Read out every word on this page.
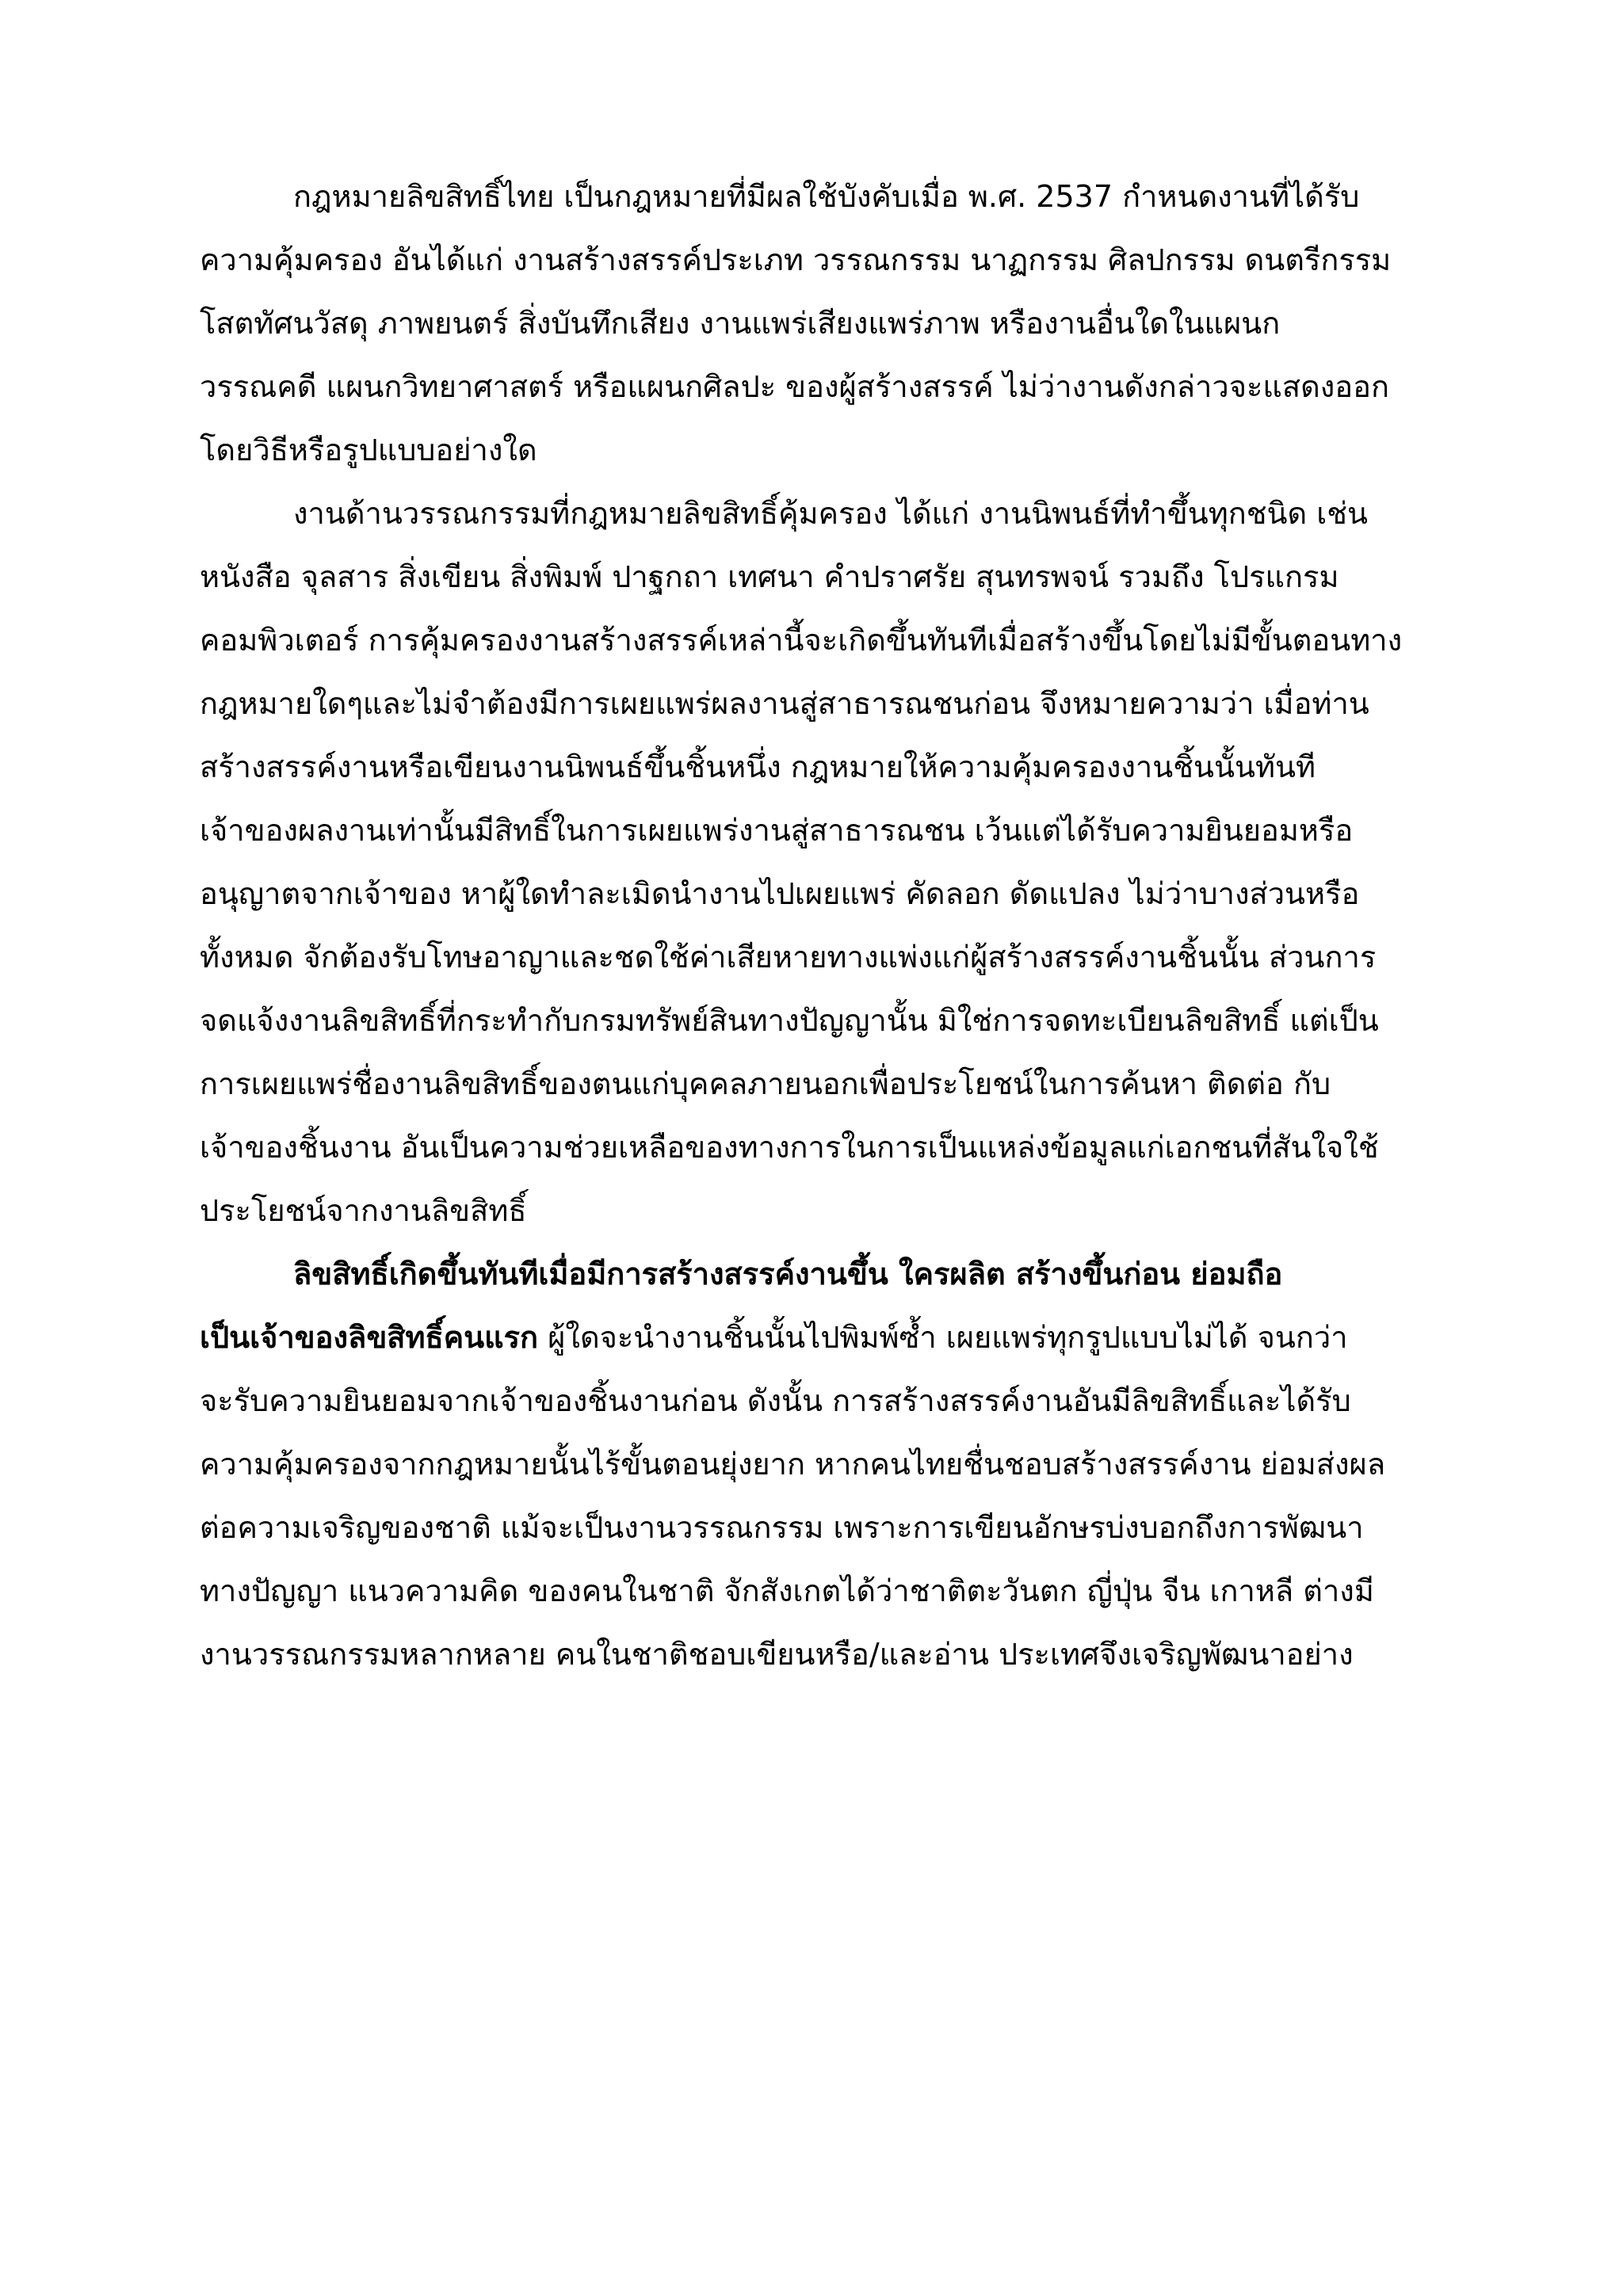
กฎหมายลิขสิทธิ์ไทย เป็นกฎหมายที่มีผลใช้บังคับเมื่อ พ.ศ. 2537 กำหนดงานที่ได้รับ
ความคุ้มครอง อันได้แก่ งานสร้างสรรค์ประเภท วรรณกรรม นาฏกรรม ศิลปกรรม ดนตรีกรรม
โสตทัศนวัสดุ ภาพยนตร์ สิ่งบันทึกเสียง งานแพร่เสียงแพร่ภาพ หรืองานอื่นใดในแผนก
วรรณคดี แผนกวิทยาศาสตร์ หรือแผนกศิลปะ ของผู้สร้างสรรค์ ไม่ว่างานดังกล่าวจะแสดงออก
โดยวิธีหรือรูปแบบอย่างใด
งานด้านวรรณกรรมที่กฎหมายลิขสิทธิ์คุ้มครอง ได้แก่ งานนิพนธ์ที่ทำขึ้นทุกชนิด เช่น
หนังสือ จุลสาร สิ่งเขียน สิ่งพิมพ์ ปาฐกถา เทศนา คำปราศรัย สุนทรพจน์ รวมถึง โปรแกรม
คอมพิวเตอร์ การคุ้มครองงานสร้างสรรค์เหล่านี้จะเกิดขึ้นทันทีเมื่อสร้างขึ้นโดยไม่มีขั้นตอนทาง
กฎหมายใดๆและไม่จำต้องมีการเผยแพร่ผลงานสู่สาธารณชนก่อน จึงหมายความว่า เมื่อท่าน
สร้างสรรค์งานหรือเขียนงานนิพนธ์ขึ้นชิ้นหนึ่ง กฎหมายให้ความคุ้มครองงานชิ้นนั้นทันที
เจ้าของผลงานเท่านั้นมีสิทธิ์ในการเผยแพร่งานสู่สาธารณชน เว้นแต่ได้รับความยินยอมหรือ
อนุญาตจากเจ้าของ หาผู้ใดทำละเมิดนำงานไปเผยแพร่ คัดลอก ดัดแปลง ไม่ว่าบางส่วนหรือ
ทั้งหมด จักต้องรับโทษอาญาและชดใช้ค่าเสียหายทางแพ่งแก่ผู้สร้างสรรค์งานชิ้นนั้น ส่วนการ
จดแจ้งงานลิขสิทธิ์ที่กระทำกับกรมทรัพย์สินทางปัญญานั้น มิใช่การจดทะเบียนลิขสิทธิ์ แต่เป็น
การเผยแพร่ชื่องานลิขสิทธิ์ของตนแก่บุคคลภายนอกเพื่อประโยชน์ในการค้นหา ติดต่อ กับ
เจ้าของชิ้นงาน อันเป็นความช่วยเหลือของทางการในการเป็นแหล่งข้อมูลแก่เอกชนที่สันใจใช้
ประโยชน์จากงานลิขสิทธิ์
ลิขสิทธิ์เกิดขึ้นทันทีเมื่อมีการสร้างสรรค์งานขึ้น ใครผลิต สร้างขึ้นก่อน ย่อมถือ
เป็นเจ้าของลิขสิทธิ์คนแรก ผู้ใดจะนำงานชิ้นนั้นไปพิมพ์ซ้ำ เผยแพร่ทุกรูปแบบไม่ได้ จนกว่า
จะรับความยินยอมจากเจ้าของชิ้นงานก่อน ดังนั้น การสร้างสรรค์งานอันมีลิขสิทธิ์และได้รับ
ความคุ้มครองจากกฎหมายนั้นไร้ขั้นตอนยุ่งยาก หากคนไทยชื่นชอบสร้างสรรค์งาน ย่อมส่งผล
ต่อความเจริญของชาติ แม้จะเป็นงานวรรณกรรม เพราะการเขียนอักษรบ่งบอกถึงการพัฒนา
ทางปัญญา แนวความคิด ของคนในชาติ จักสังเกตได้ว่าชาติตะวันตก ญี่ปุ่น จีน เกาหลี ต่างมี
งานวรรณกรรมหลากหลาย คนในชาติชอบเขียนหรือ/และอ่าน ประเทศจึงเจริญพัฒนาอย่าง
